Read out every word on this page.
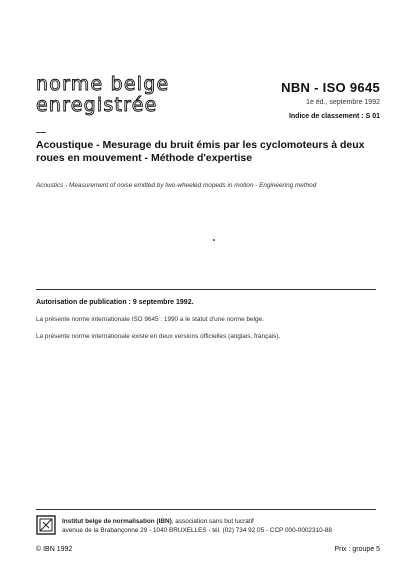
norme belge
enregistrée
NBN - ISO 9645
1e éd., septembre 1992
Indice de classement : S 01
Acoustique - Mesurage du bruit émis par les cyclomoteurs à deux roues en mouvement - Méthode d'expertise
Acoustics - Measurement of noise emitted by two-wheeled mopeds in motion - Engineering method
Autorisation de publication : 9 septembre 1992.
La présente norme internationale ISO 9645 : 1990 a le statut d'une norme belge.
La présente norme internationale existe en deux versions officielles (anglais, français).
Institut belge de normalisation (IBN), association sans but lucratif
avenue de la Brabançonne 29 - 1040 BRUXELLES - tél. (02) 734 92 05 - CCP 000-0002310-88
© IBN 1992	Prix : groupe 5
